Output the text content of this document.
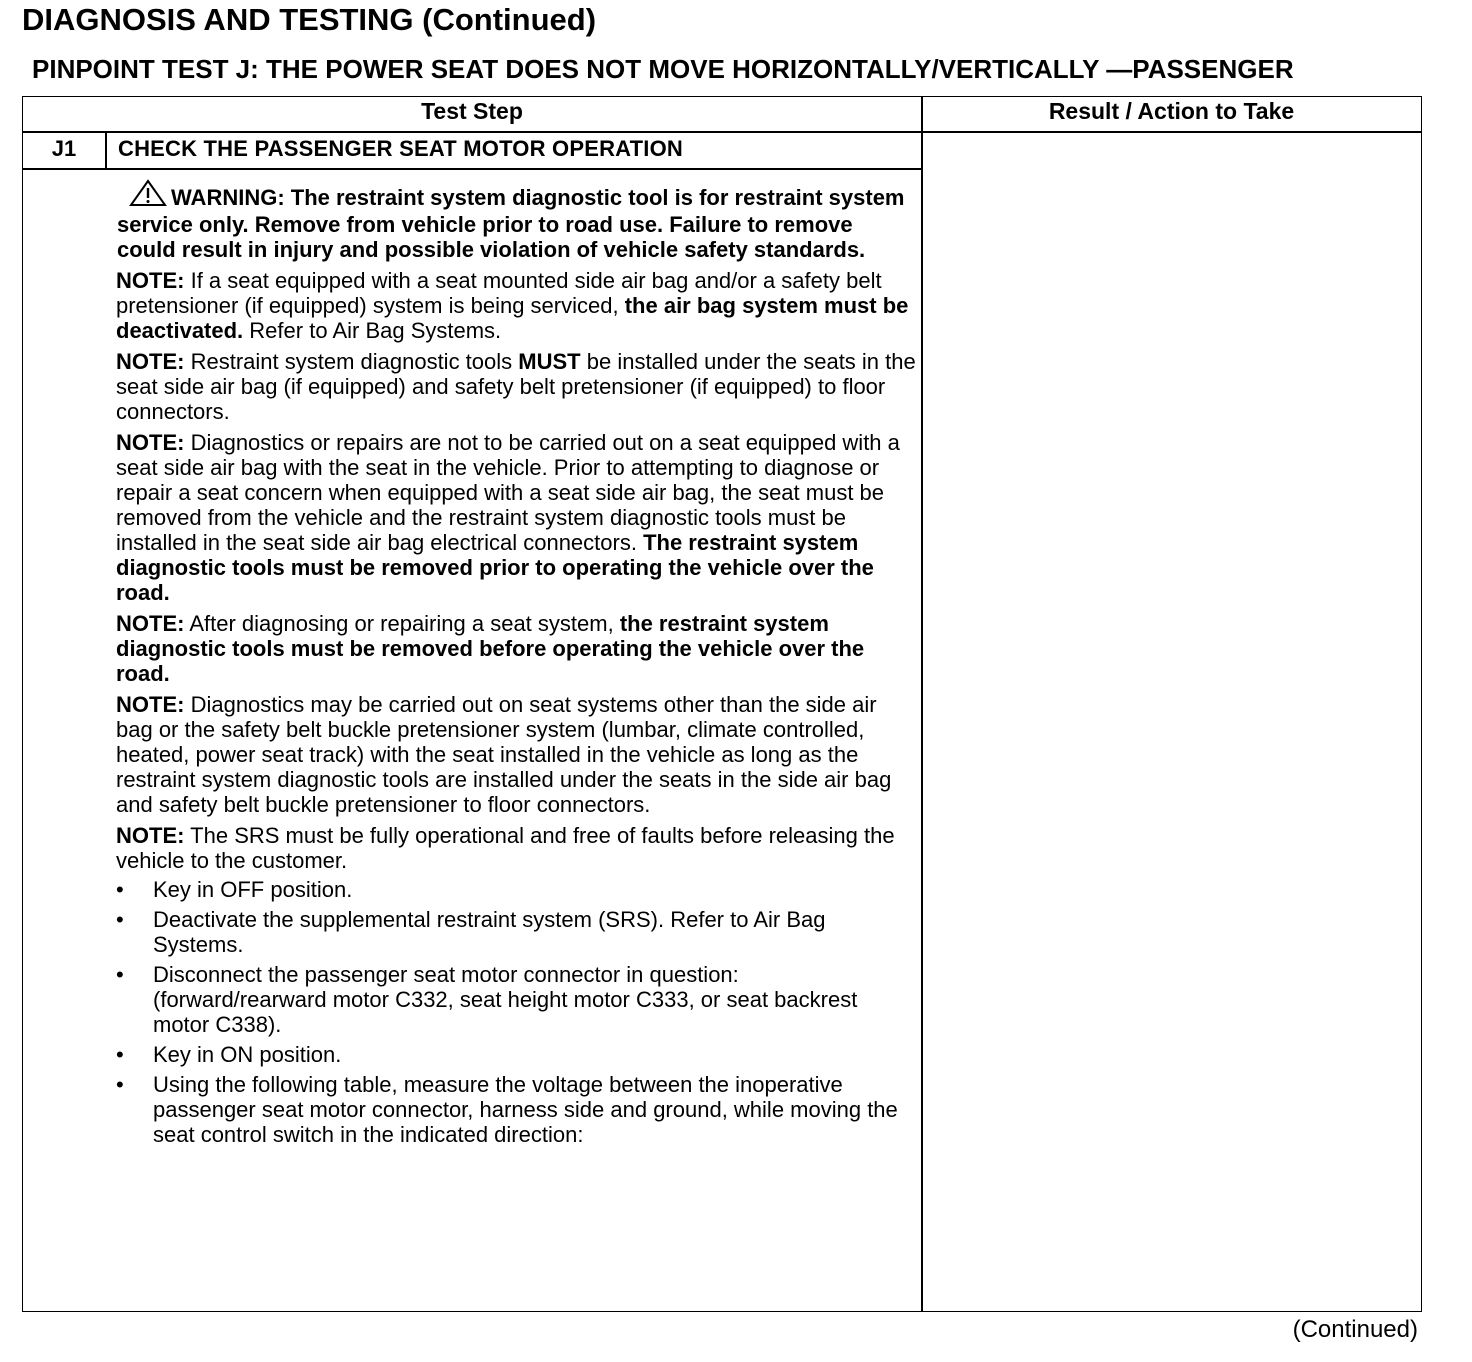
DIAGNOSIS AND TESTING (Continued)
PINPOINT TEST J: THE POWER SEAT DOES NOT MOVE HORIZONTALLY/VERTICALLY —PASSENGER
Test Step	Result / Action to Take
J1	CHECK THE PASSENGER SEAT MOTOR OPERATION

WARNING: The restraint system diagnostic tool is for restraint system service only. Remove from vehicle prior to road use. Failure to remove could result in injury and possible violation of vehicle safety standards.

NOTE: If a seat equipped with a seat mounted side air bag and/or a safety belt pretensioner (if equipped) system is being serviced, the air bag system must be deactivated. Refer to Air Bag Systems.

NOTE: Restraint system diagnostic tools MUST be installed under the seats in the seat side air bag (if equipped) and safety belt pretensioner (if equipped) to floor connectors.

NOTE: Diagnostics or repairs are not to be carried out on a seat equipped with a seat side air bag with the seat in the vehicle. Prior to attempting to diagnose or repair a seat concern when equipped with a seat side air bag, the seat must be removed from the vehicle and the restraint system diagnostic tools must be installed in the seat side air bag electrical connectors. The restraint system diagnostic tools must be removed prior to operating the vehicle over the road.

NOTE: After diagnosing or repairing a seat system, the restraint system diagnostic tools must be removed before operating the vehicle over the road.

NOTE: Diagnostics may be carried out on seat systems other than the side air bag or the safety belt buckle pretensioner system (lumbar, climate controlled, heated, power seat track) with the seat installed in the vehicle as long as the restraint system diagnostic tools are installed under the seats in the side air bag and safety belt buckle pretensioner to floor connectors.

NOTE: The SRS must be fully operational and free of faults before releasing the vehicle to the customer.

• Key in OFF position.
• Deactivate the supplemental restraint system (SRS). Refer to Air Bag Systems.
• Disconnect the passenger seat motor connector in question: (forward/rearward motor C332, seat height motor C333, or seat backrest motor C338).
• Key in ON position.
• Using the following table, measure the voltage between the inoperative passenger seat motor connector, harness side and ground, while moving the seat control switch in the indicated direction:
(Continued)
